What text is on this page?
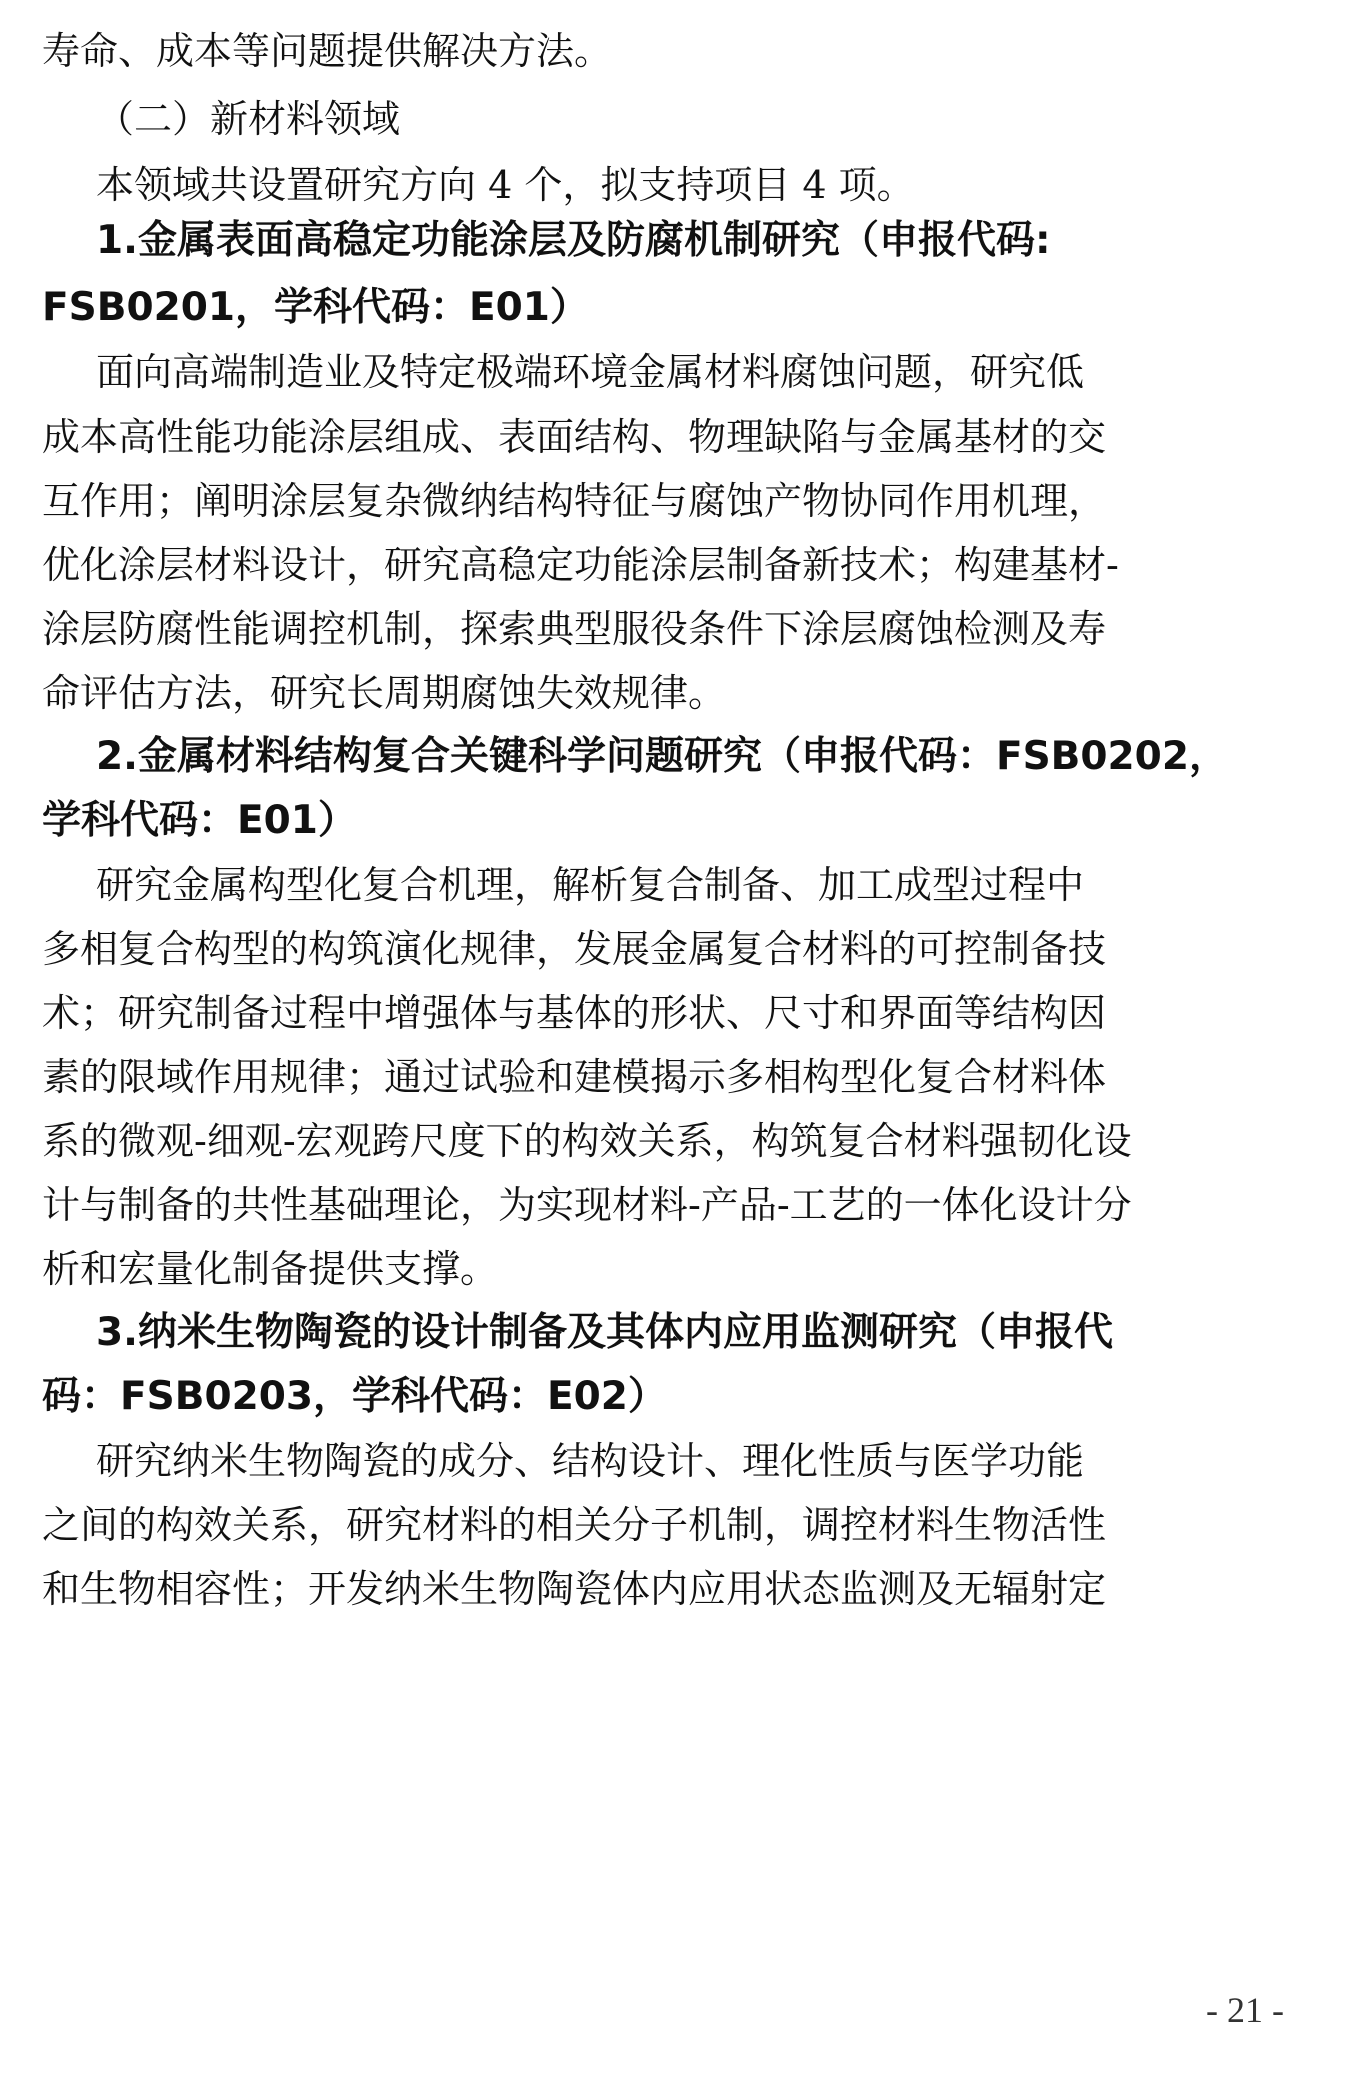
寿命、成本等问题提供解决方法。
（二）新材料领域
本领域共设置研究方向 4 个，拟支持项目 4 项。
1.金属表面高稳定功能涂层及防腐机制研究（申报代码:
FSB0201，学科代码：E01）
面向高端制造业及特定极端环境金属材料腐蚀问题，研究低
成本高性能功能涂层组成、表面结构、物理缺陷与金属基材的交
互作用；阐明涂层复杂微纳结构特征与腐蚀产物协同作用机理，
优化涂层材料设计，研究高稳定功能涂层制备新技术；构建基材-
涂层防腐性能调控机制，探索典型服役条件下涂层腐蚀检测及寿
命评估方法，研究长周期腐蚀失效规律。
2.金属材料结构复合关键科学问题研究（申报代码：FSB0202，
学科代码：E01）
研究金属构型化复合机理，解析复合制备、加工成型过程中
多相复合构型的构筑演化规律，发展金属复合材料的可控制备技
术；研究制备过程中增强体与基体的形状、尺寸和界面等结构因
素的限域作用规律；通过试验和建模揭示多相构型化复合材料体
系的微观-细观-宏观跨尺度下的构效关系，构筑复合材料强韧化设
计与制备的共性基础理论，为实现材料-产品-工艺的一体化设计分
析和宏量化制备提供支撑。
3.纳米生物陶瓷的设计制备及其体内应用监测研究（申报代
码：FSB0203，学科代码：E02）
研究纳米生物陶瓷的成分、结构设计、理化性质与医学功能
之间的构效关系，研究材料的相关分子机制，调控材料生物活性
和生物相容性；开发纳米生物陶瓷体内应用状态监测及无辐射定
- 21 -
